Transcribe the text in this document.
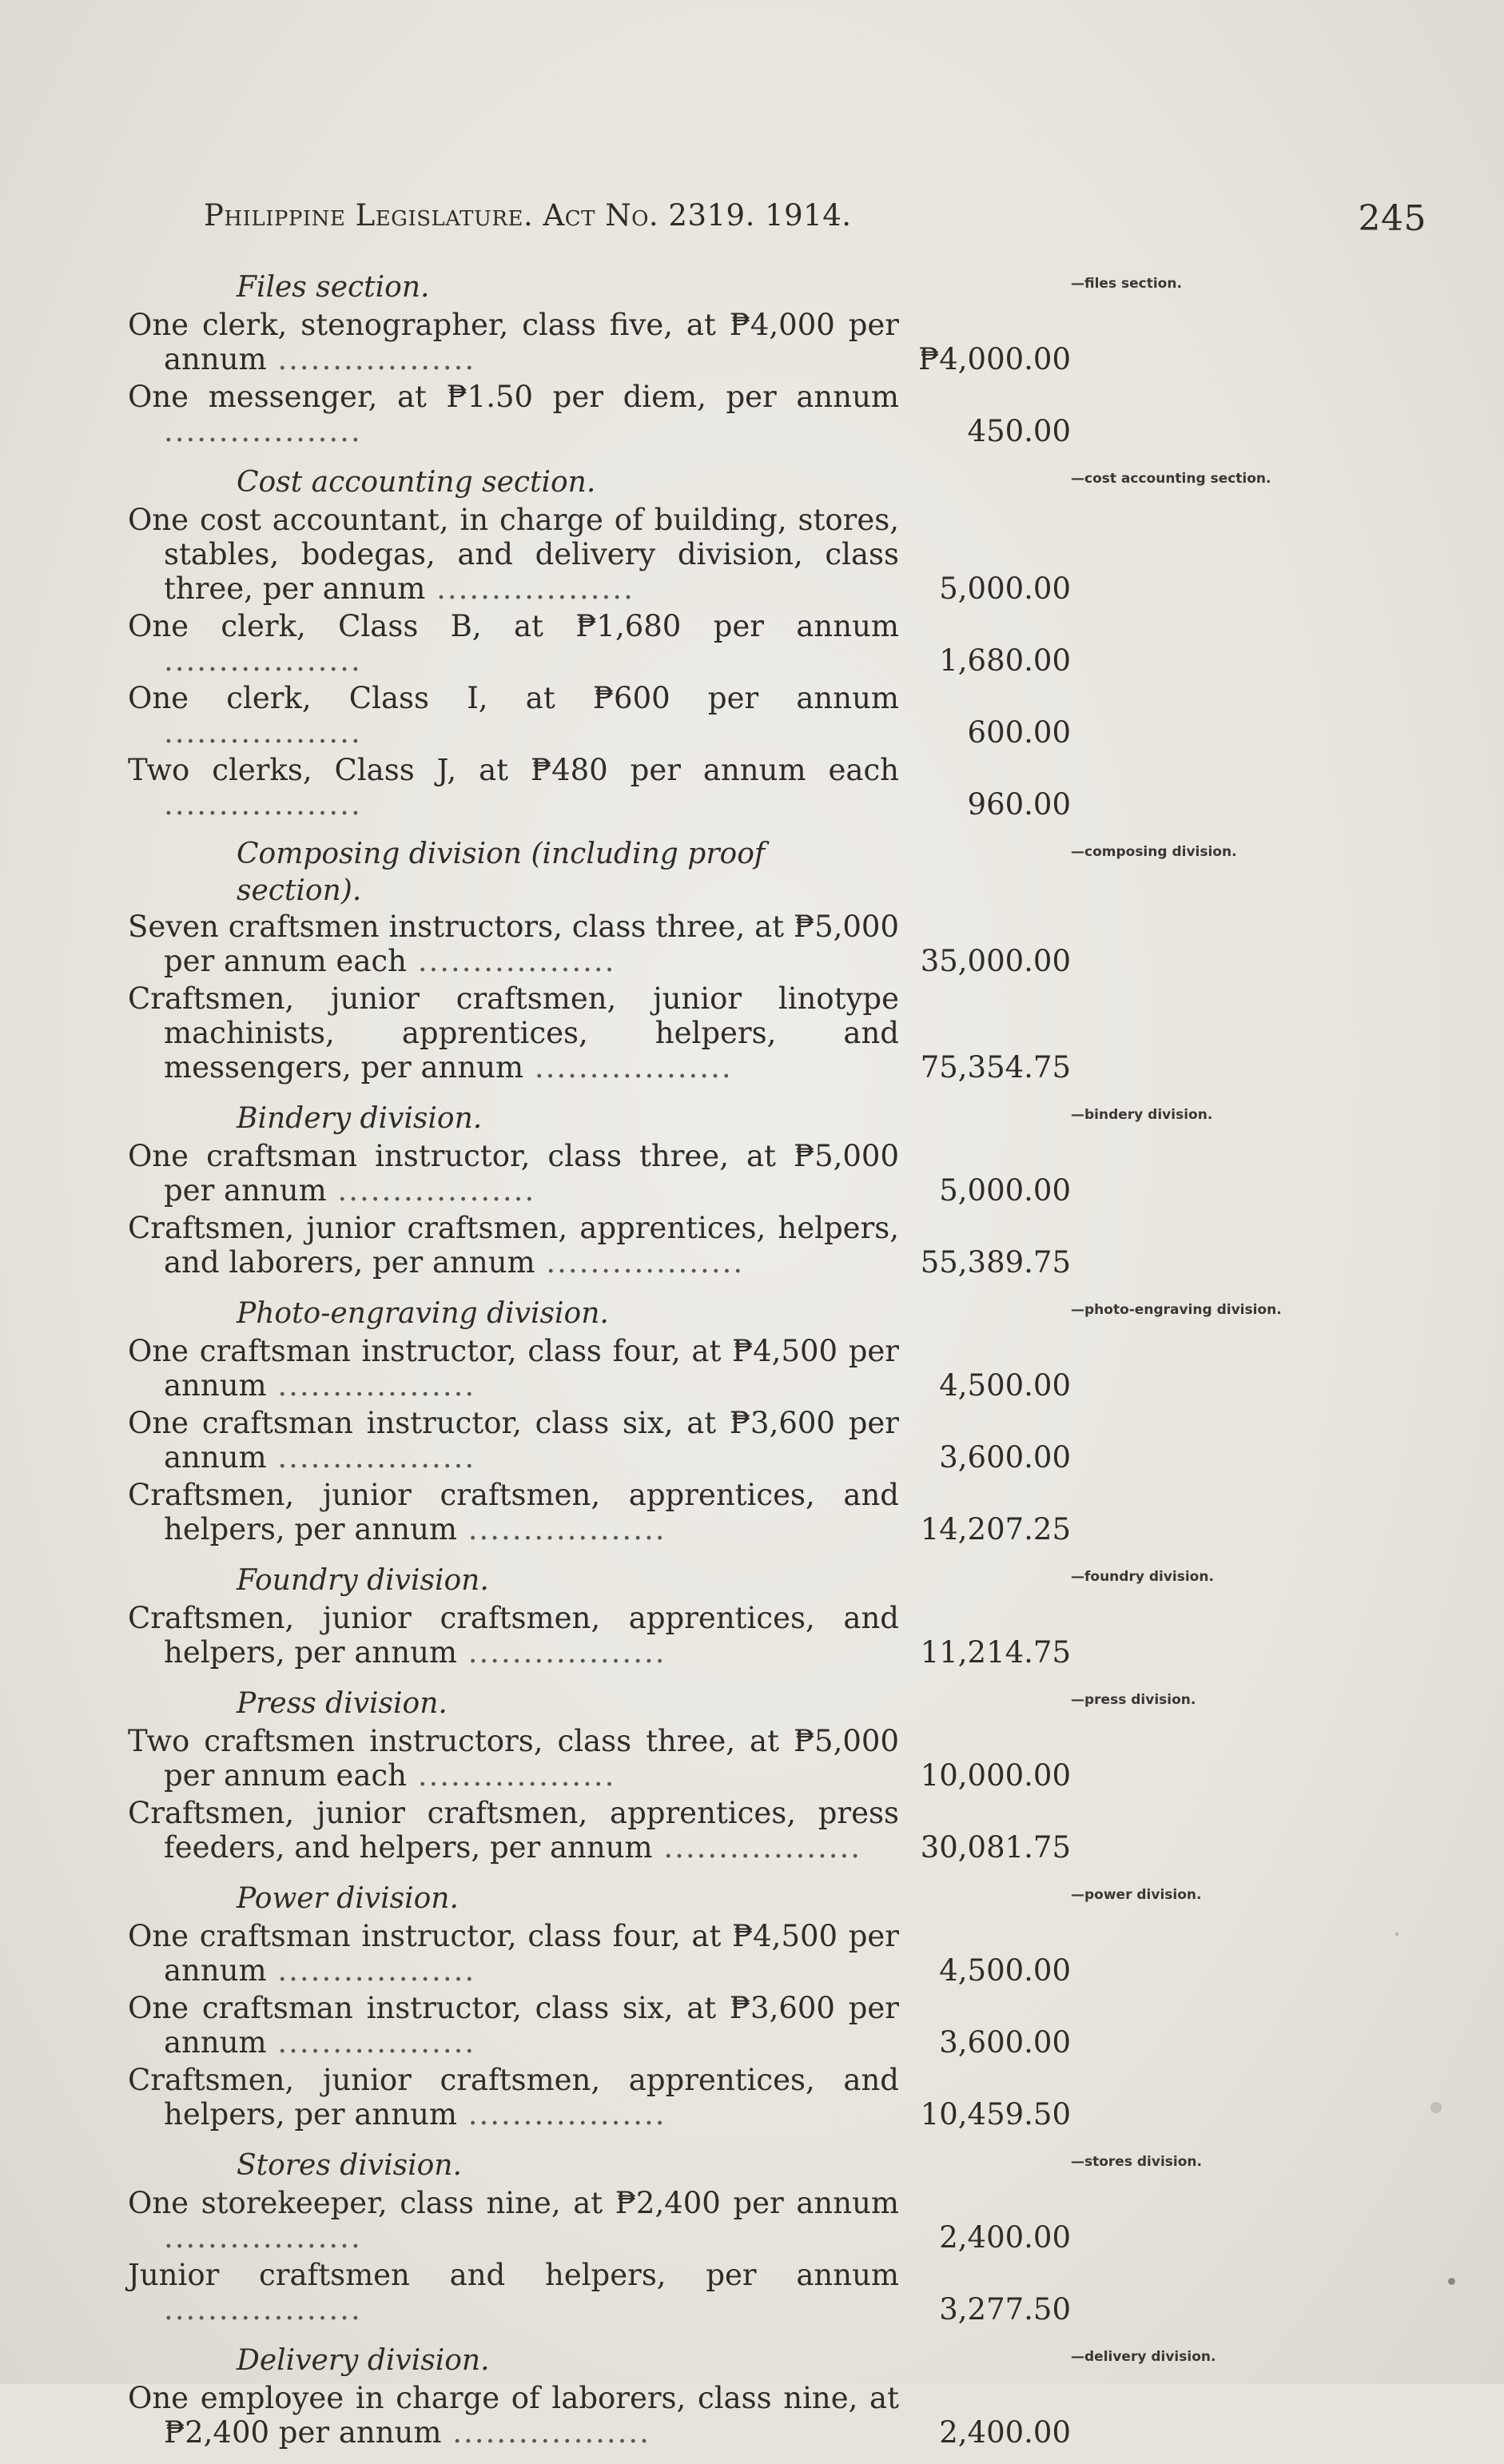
Philippine Legislature. Act No. 2319. 1914.	245
Files section.	—files section.
One clerk, stenographer, class five, at ₱4,000 per annum ..................	₱4,000.00
One messenger, at ₱1.50 per diem, per annum ..................	450.00
Cost accounting section.	—cost accounting section.
One cost accountant, in charge of building, stores, stables, bodegas, and delivery division, class three, per annum ..................	5,000.00
One clerk, Class B, at ₱1,680 per annum ..................	1,680.00
One clerk, Class I, at ₱600 per annum ..................	600.00
Two clerks, Class J, at ₱480 per annum each ..................	960.00
Composing division (including proof section).
—composing division.
Seven craftsmen instructors, class three, at ₱5,000 per annum each ..................	35,000.00
Craftsmen, junior craftsmen, junior linotype machinists, apprentices, helpers, and messengers, per annum ..................	75,354.75
Bindery division.	—bindery division.
One craftsman instructor, class three, at ₱5,000 per annum ..................	5,000.00
Craftsmen, junior craftsmen, apprentices, helpers, and laborers, per annum ..................	55,389.75
Photo-engraving division.	—photo-engraving division.
One craftsman instructor, class four, at ₱4,500 per annum ..................	4,500.00
One craftsman instructor, class six, at ₱3,600 per annum ..................	3,600.00
Craftsmen, junior craftsmen, apprentices, and helpers, per annum ..................	14,207.25
Foundry division.	—foundry division.
Craftsmen, junior craftsmen, apprentices, and helpers, per annum ..................	11,214.75
Press division.	—press division.
Two craftsmen instructors, class three, at ₱5,000 per annum each ..................	10,000.00
Craftsmen, junior craftsmen, apprentices, press feeders, and helpers, per annum ..................	30,081.75
Power division.	—power division.
One craftsman instructor, class four, at ₱4,500 per annum ..................	4,500.00
One craftsman instructor, class six, at ₱3,600 per annum ..................	3,600.00
Craftsmen, junior craftsmen, apprentices, and helpers, per annum ..................	10,459.50
Stores division.	—stores division.
One storekeeper, class nine, at ₱2,400 per annum ..................	2,400.00
Junior craftsmen and helpers, per annum ..................	3,277.50
Delivery division.	—delivery division.
One employee in charge of laborers, class nine, at ₱2,400 per annum ..................	2,400.00
